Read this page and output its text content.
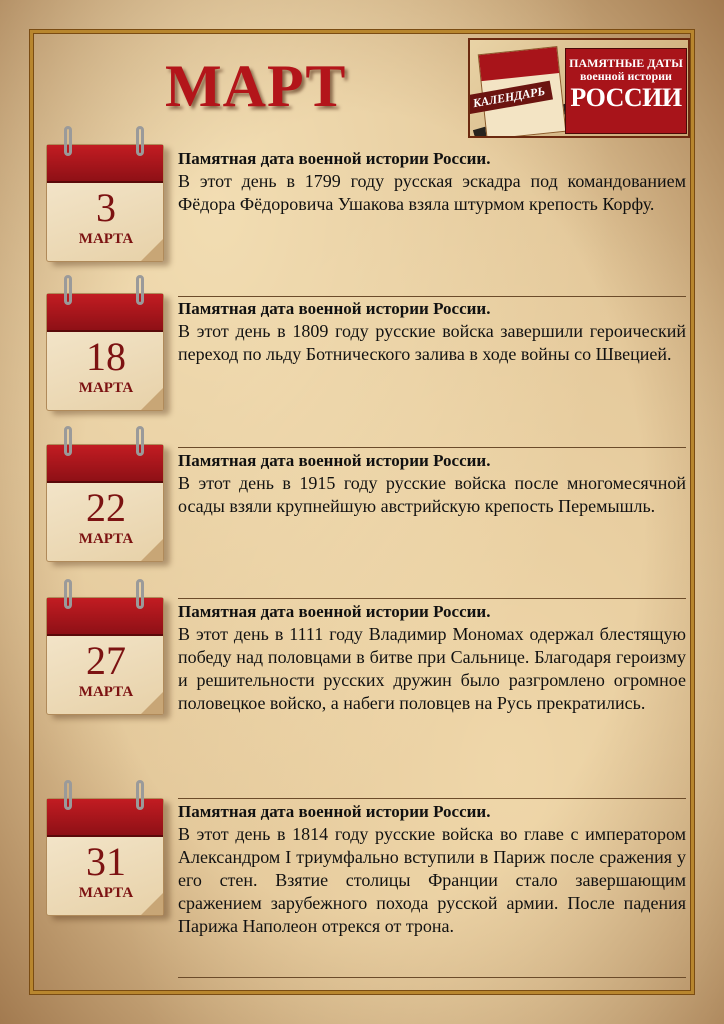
МАРТ	КАЛЕНДАРЬ
ПАМЯТНЫЕ ДАТЫ
военной истории
РОССИИ
3
МАРТА

Памятная дата военной истории России.

В этот день в 1799 году русская эскадра под командованием Фёдора Фёдоровича Ушакова взяла штурмом крепость Корфу.

18
МАРТА

Памятная дата военной истории России.

В этот день в 1809 году русские войска завершили героический переход по льду Ботнического залива в ходе войны со Швецией.

22
МАРТА

Памятная дата военной истории России.

В этот день в 1915 году русские войска после многомесячной осады взяли крупнейшую австрийскую крепость Перемышль.

27
МАРТА

Памятная дата военной истории России.

В этот день в 1111 году Владимир Мономах одержал блестящую победу над половцами в битве при Сальнице. Благодаря героизму и решительности русских дружин было разгромлено огромное половецкое войско, а набеги половцев на Русь прекратились.

31
МАРТА

Памятная дата военной истории России.

В этот день в 1814 году русские войска во главе с императором Александром I триумфально вступили в Париж после сражения у его стен. Взятие столицы Франции стало завершающим сражением зарубежного похода русской армии. После падения Парижа Наполеон отрекся от трона.
